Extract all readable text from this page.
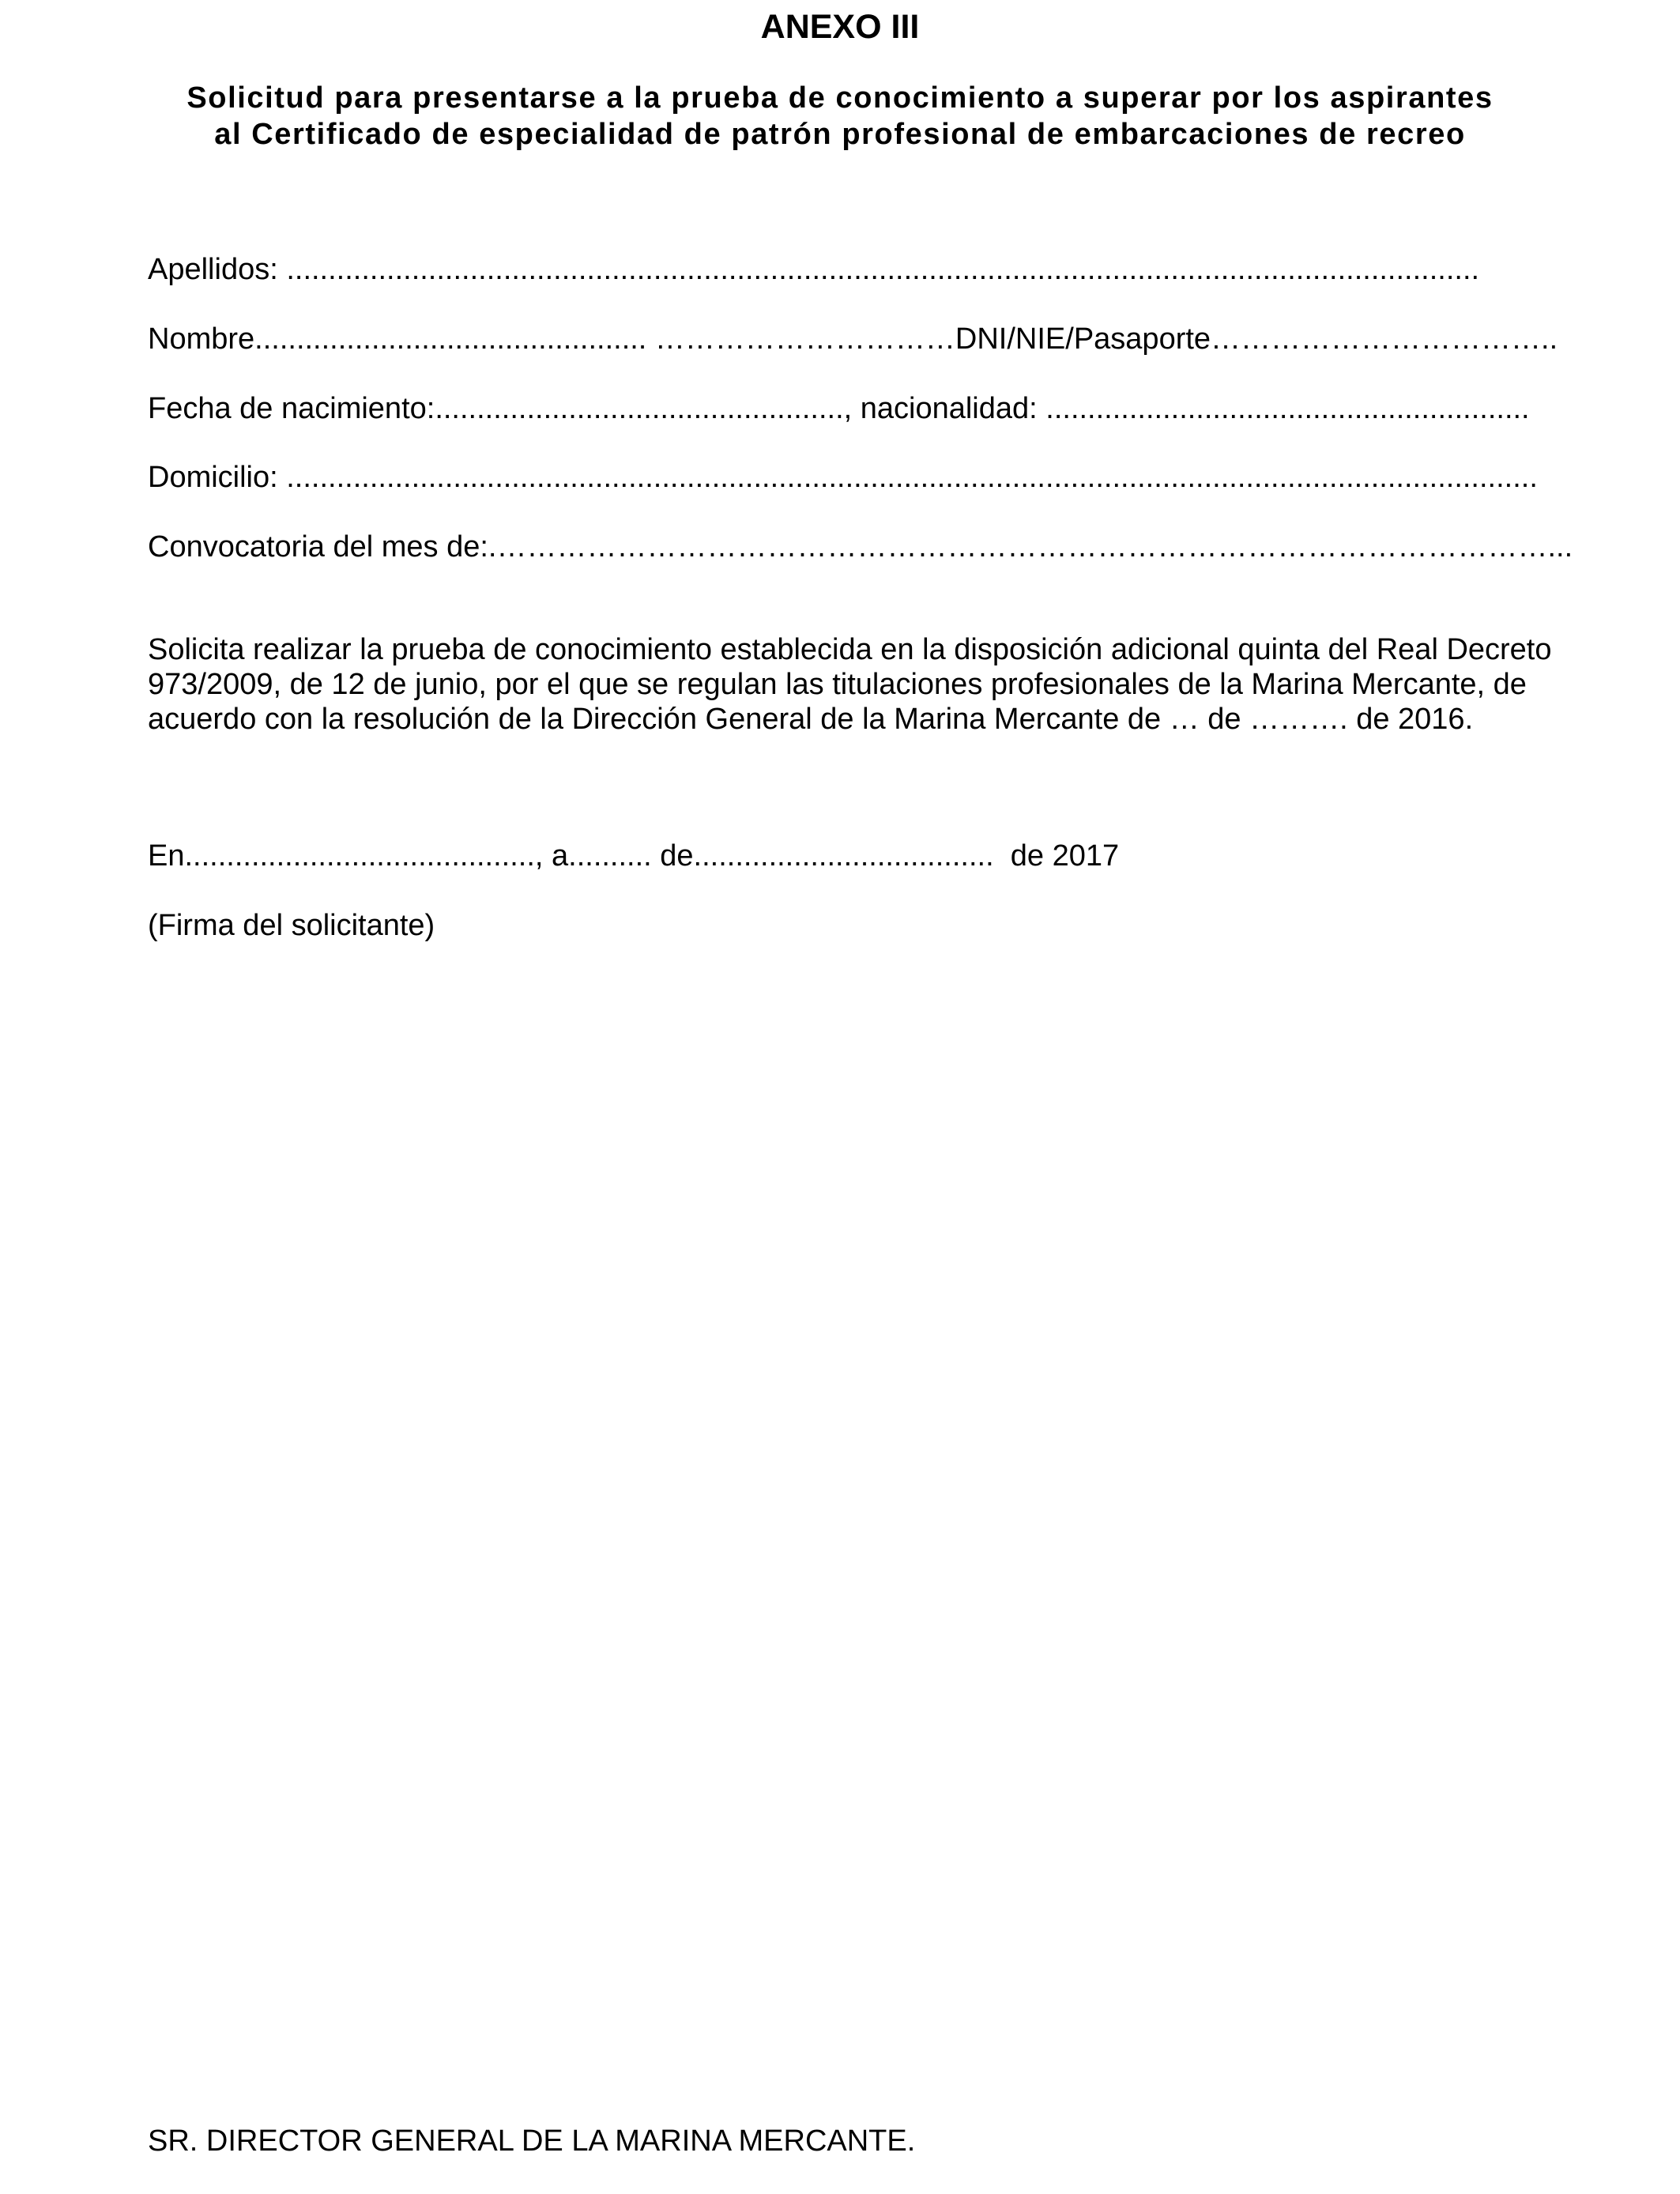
ANEXO III
Solicitud para presentarse a la prueba de conocimiento a superar por los aspirantes
al Certificado de especialidad de patrón profesional de embarcaciones de recreo

Apellidos: ...............................................................................................................................................

Nombre............................................... …………………………DNI/NIE/Pasaporte……………………………..

Fecha de nacimiento:................................................., nacionalidad: ..........................................................

Domicilio: ......................................................................................................................................................

Convocatoria del mes de:.……………………………………………………………………………………………...

Solicita realizar la prueba de conocimiento establecida en la disposición adicional quinta del Real Decreto
973/2009, de 12 de junio, por el que se regulan las titulaciones profesionales de la Marina Mercante, de
acuerdo con la resolución de la Dirección General de la Marina Mercante de … de ………. de 2016.

En.........................................., a.......... de....................................  de 2017

(Firma del solicitante)

SR. DIRECTOR GENERAL DE LA MARINA MERCANTE.
